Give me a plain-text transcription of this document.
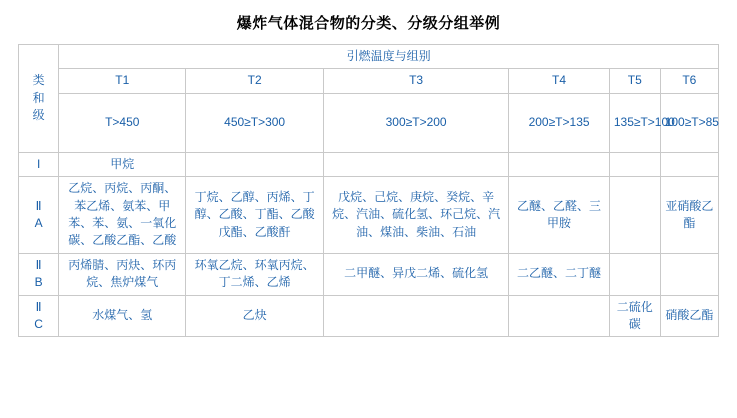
爆炸气体混合物的分类、分级分组举例
类
和
级	引燃温度与组别					
	T1	T2	T3	T4	T5	T6
	T>450	450≥T>300	300≥T>200	200≥T>135	135≥T>100	100≥T>85
I	甲烷					

Ⅱ
A	乙烷、丙烷、丙酮、苯乙烯、氨苯、甲苯、苯、氨、一氧化碳、乙酸乙酯、乙酸	丁烷、乙醇、丙烯、丁醇、乙酸、丁酯、乙酸戊酯、乙酸酐	戊烷、己烷、庚烷、癸烷、辛烷、汽油、硫化氢、环己烷、汽油、煤油、柴油、石油	乙醚、乙醛、三甲胺		亚硝酸乙酯

Ⅱ
B	丙烯腈、丙炔、环丙烷、焦炉煤气	环氧乙烷、环氧丙烷、丁二烯、乙烯	二甲醚、异戊二烯、硫化氢	二乙醚、二丁醚		

Ⅱ
C	水煤气、氢	乙炔			二硫化碳	硝酸乙酯
